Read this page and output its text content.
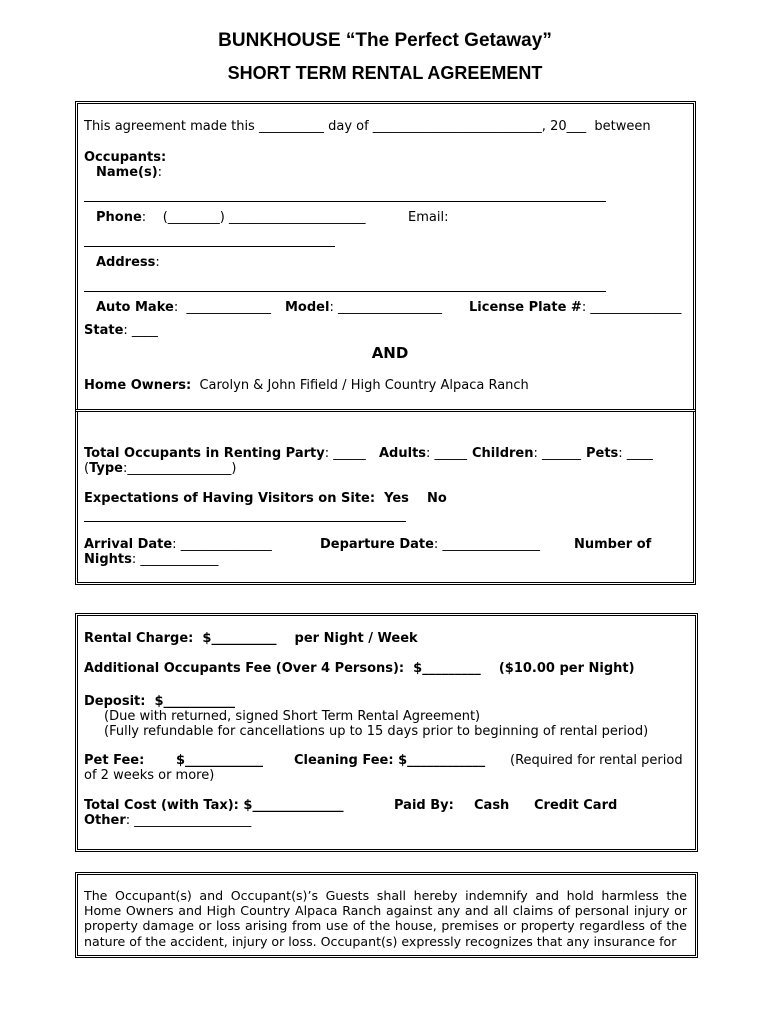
BUNKHOUSE “The Perfect Getaway”
SHORT TERM RENTAL AGREEMENT
This agreement made this __________ day of __________________________, 20___  between
Occupants:
Name(s):
Phone:    (________) _____________________	Email:
Address:
Auto Make:  _____________ Model: ________________ License Plate #: ______________
State: ____
AND
Home Owners: Carolyn & John Fifield / High Country Alpaca Ranch
Total Occupants in Renting Party: _____ Adults: _____ Children: ______ Pets: ____
(Type:________________)
Expectations of Having Visitors on Site:  Yes No
Arrival Date: ______________	Departure Date: _______________	Number of
Nights: ____________
Rental Charge:  $__________    per Night / Week
Additional Occupants Fee (Over 4 Persons):  $_________    ($10.00 per Night)
Deposit:  $___________
(Due with returned, signed Short Term Rental Agreement)
(Fully refundable for cancellations up to 15 days prior to beginning of rental period)
Pet Fee:       $____________ Cleaning Fee: $____________ (Required for rental period
of 2 weeks or more)
Total Cost (with Tax): $______________	Paid By: Cash Credit Card
Other: __________________
The Occupant(s) and Occupant(s)’s Guests shall hereby indemnify and hold harmless the Home Owners and High Country Alpaca Ranch against any and all claims of personal injury or property damage or loss arising from use of the house, premises or property regardless of the nature of the accident, injury or loss. Occupant(s) expressly recognizes that any insurance for
